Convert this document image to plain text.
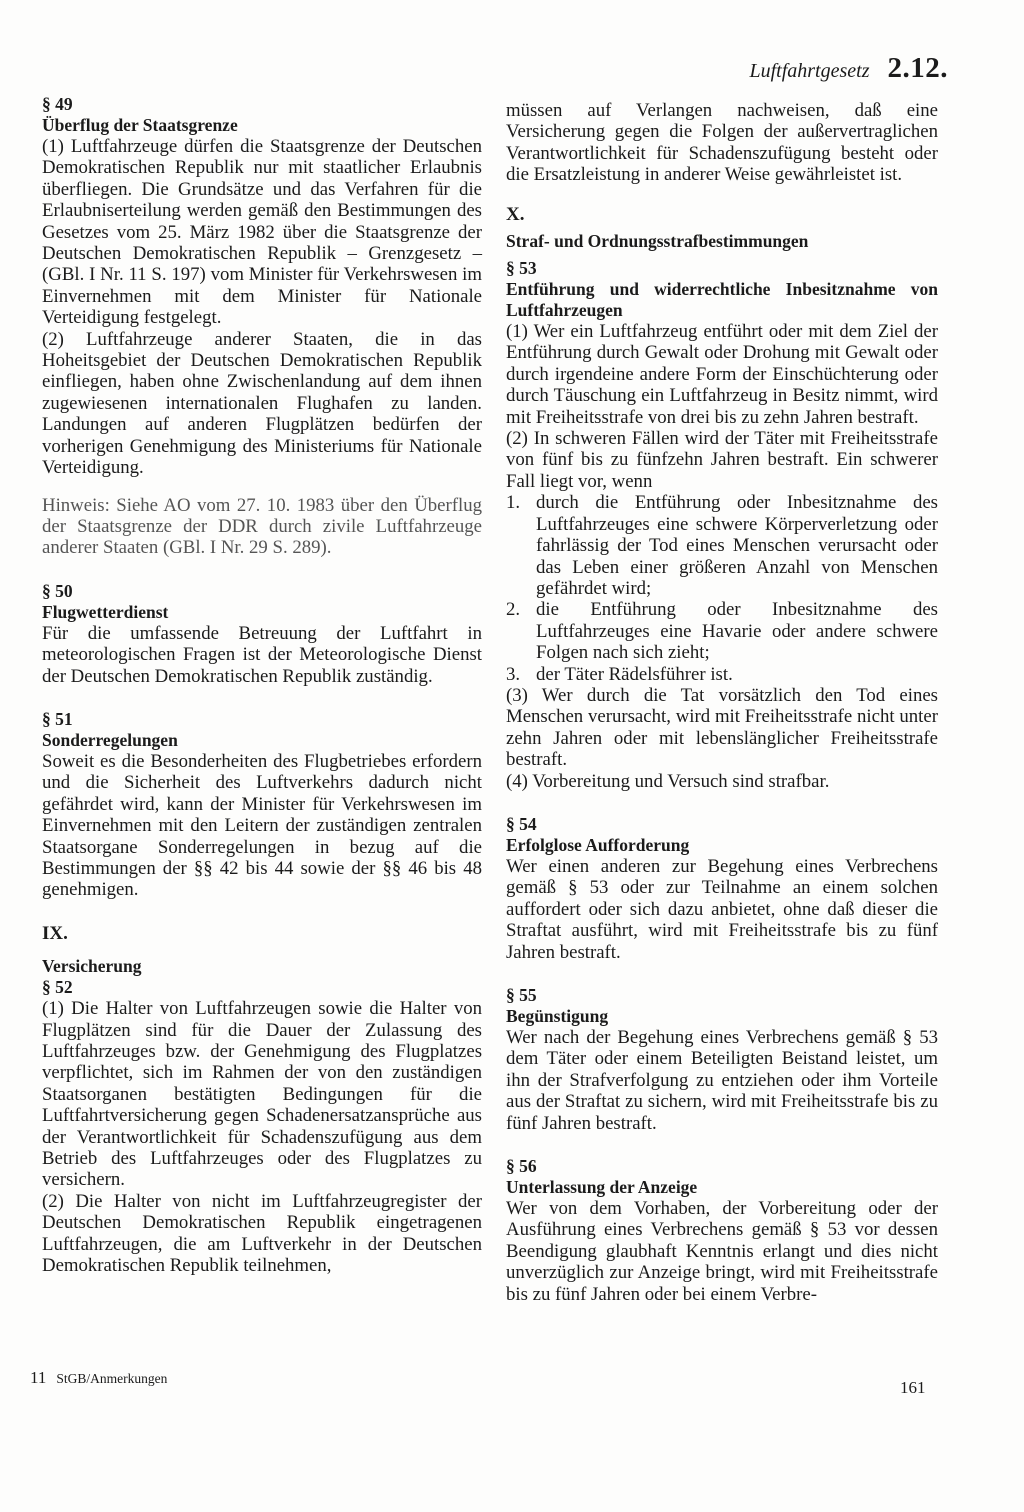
Luftfahrtgesetz 2.12.

§ 49

Überflug der Staatsgrenze

(1) Luftfahrzeuge dürfen die Staatsgrenze der Deutschen Demokratischen Republik nur mit staatlicher Erlaubnis überfliegen. Die Grundsätze und das Verfahren für die Erlaubniserteilung werden gemäß den Bestimmungen des Gesetzes vom 25. März 1982 über die Staatsgrenze der Deutschen Demokratischen Republik – Grenzgesetz – (GBl. I Nr. 11 S. 197) vom Minister für Verkehrswesen im Einvernehmen mit dem Minister für Nationale Verteidigung festgelegt.

(2) Luftfahrzeuge anderer Staaten, die in das Hoheitsgebiet der Deutschen Demokratischen Republik einfliegen, haben ohne Zwischenlandung auf dem ihnen zugewiesenen internationalen Flughafen zu landen. Landungen auf anderen Flugplätzen bedürfen der vorherigen Genehmigung des Ministeriums für Nationale Verteidigung.

Hinweis: Siehe AO vom 27. 10. 1983 über den Überflug der Staatsgrenze der DDR durch zivile Luftfahrzeuge anderer Staaten (GBl. I Nr. 29 S. 289).

§ 50

Flugwetterdienst

Für die umfassende Betreuung der Luftfahrt in meteorologischen Fragen ist der Meteorologische Dienst der Deutschen Demokratischen Republik zuständig.

§ 51

Sonderregelungen

Soweit es die Besonderheiten des Flugbetriebes erfordern und die Sicherheit des Luftverkehrs dadurch nicht gefährdet wird, kann der Minister für Verkehrswesen im Einvernehmen mit den Leitern der zuständigen zentralen Staatsorgane Sonderregelungen in bezug auf die Bestimmungen der §§ 42 bis 44 sowie der §§ 46 bis 48 genehmigen.

IX.

Versicherung

§ 52

(1) Die Halter von Luftfahrzeugen sowie die Halter von Flugplätzen sind für die Dauer der Zulassung des Luftfahrzeuges bzw. der Genehmigung des Flugplatzes verpflichtet, sich im Rahmen der von den zuständigen Staatsorganen bestätigten Bedingungen für die Luftfahrtversicherung gegen Schadenersatzansprüche aus der Verantwortlichkeit für Schadenszufügung aus dem Betrieb des Luftfahrzeuges oder des Flugplatzes zu versichern.

(2) Die Halter von nicht im Luftfahrzeugregister der Deutschen Demokratischen Republik eingetragenen Luftfahrzeugen, die am Luftverkehr in der Deutschen Demokratischen Republik teilnehmen,

müssen auf Verlangen nachweisen, daß eine Versicherung gegen die Folgen der außervertraglichen Verantwortlichkeit für Schadenszufügung besteht oder die Ersatzleistung in anderer Weise gewährleistet ist.

X.

Straf- und Ordnungsstrafbestimmungen

§ 53

Entführung und widerrechtliche Inbesitznahme von Luftfahrzeugen

(1) Wer ein Luftfahrzeug entführt oder mit dem Ziel der Entführung durch Gewalt oder Drohung mit Gewalt oder durch irgendeine andere Form der Einschüchterung oder durch Täuschung ein Luftfahrzeug in Besitz nimmt, wird mit Freiheitsstrafe von drei bis zu zehn Jahren bestraft.

(2) In schweren Fällen wird der Täter mit Freiheitsstrafe von fünf bis zu fünfzehn Jahren bestraft. Ein schwerer Fall liegt vor, wenn

1. durch die Entführung oder Inbesitznahme des Luftfahrzeuges eine schwere Körperverletzung oder fahrlässig der Tod eines Menschen verursacht oder das Leben einer größeren Anzahl von Menschen gefährdet wird;
2. die Entführung oder Inbesitznahme des Luftfahrzeuges eine Havarie oder andere schwere Folgen nach sich zieht;
3. der Täter Rädelsführer ist.

(3) Wer durch die Tat vorsätzlich den Tod eines Menschen verursacht, wird mit Freiheitsstrafe nicht unter zehn Jahren oder mit lebenslänglicher Freiheitsstrafe bestraft.

(4) Vorbereitung und Versuch sind strafbar.

§ 54

Erfolglose Aufforderung

Wer einen anderen zur Begehung eines Verbrechens gemäß § 53 oder zur Teilnahme an einem solchen auffordert oder sich dazu anbietet, ohne daß dieser die Straftat ausführt, wird mit Freiheitsstrafe bis zu fünf Jahren bestraft.

§ 55

Begünstigung

Wer nach der Begehung eines Verbrechens gemäß § 53 dem Täter oder einem Beteiligten Beistand leistet, um ihn der Strafverfolgung zu entziehen oder ihm Vorteile aus der Straftat zu sichern, wird mit Freiheitsstrafe bis zu fünf Jahren bestraft.

§ 56

Unterlassung der Anzeige

Wer von dem Vorhaben, der Vorbereitung oder der Ausführung eines Verbrechens gemäß § 53 vor dessen Beendigung glaubhaft Kenntnis erlangt und dies nicht unverzüglich zur Anzeige bringt, wird mit Freiheitsstrafe bis zu fünf Jahren oder bei einem Verbre-

11 StGB/Anmerkungen	161
